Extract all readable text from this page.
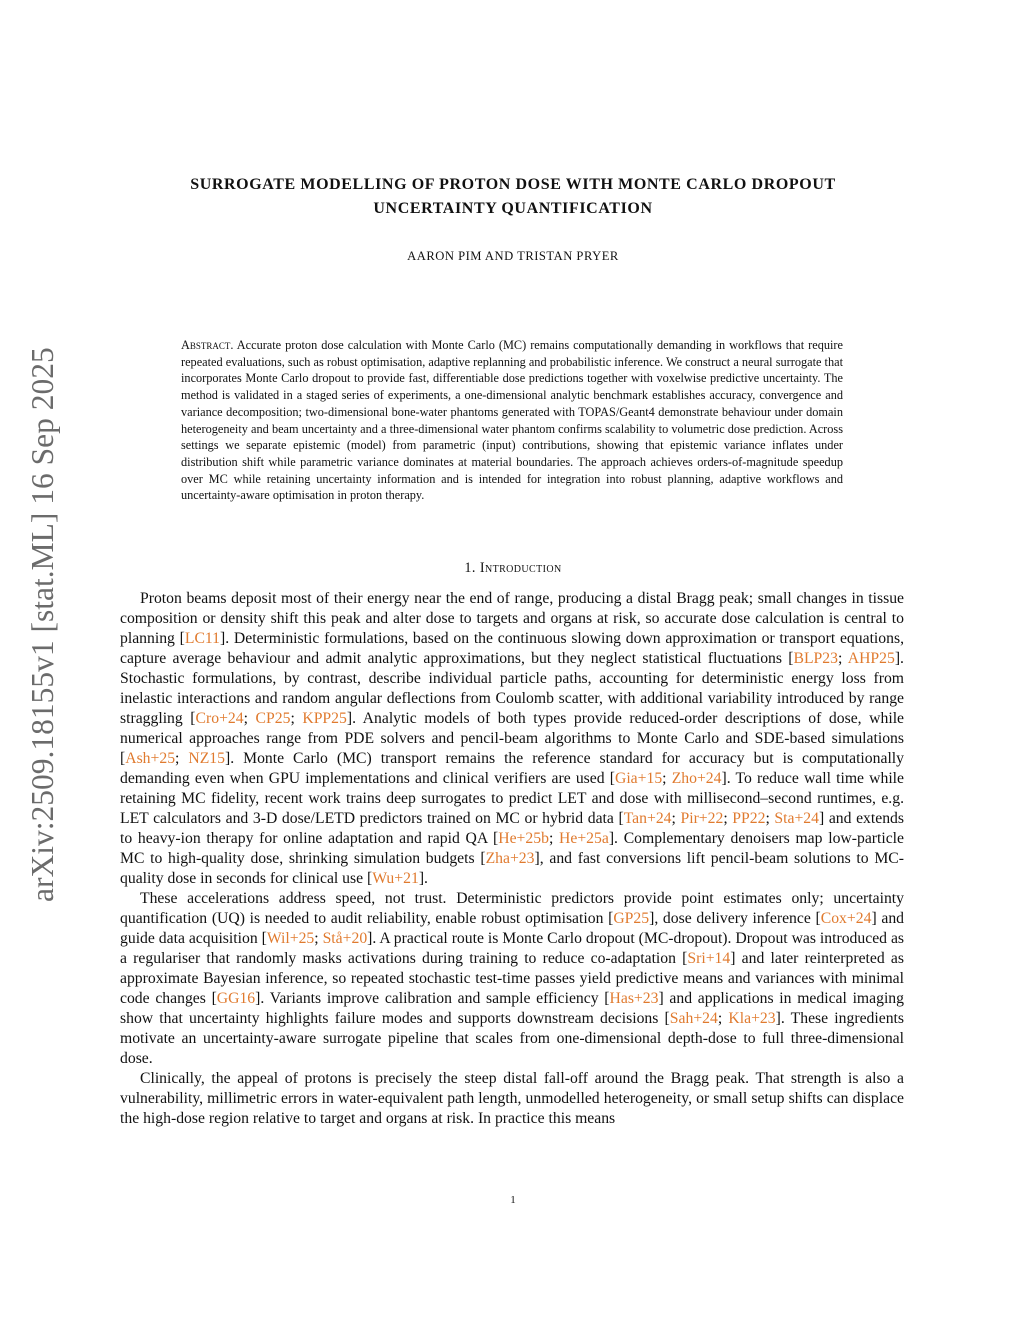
arXiv:2509.18155v1 [stat.ML] 16 Sep 2025
SURROGATE MODELLING OF PROTON DOSE WITH MONTE CARLO DROPOUT
UNCERTAINTY QUANTIFICATION
AARON PIM AND TRISTAN PRYER
Abstract. Accurate proton dose calculation with Monte Carlo (MC) remains computationally demanding in workflows that require repeated evaluations, such as robust optimisation, adaptive replanning and probabilistic inference. We construct a neural surrogate that incorporates Monte Carlo dropout to provide fast, differentiable dose predictions together with voxelwise predictive uncertainty. The method is validated in a staged series of experiments, a one-dimensional analytic benchmark establishes accuracy, convergence and variance decomposition; two-dimensional bone-water phantoms generated with TOPAS/Geant4 demonstrate behaviour under domain heterogeneity and beam uncertainty and a three-dimensional water phantom confirms scalability to volumetric dose prediction. Across settings we separate epistemic (model) from parametric (input) contributions, showing that epistemic variance inflates under distribution shift while parametric variance dominates at material boundaries. The approach achieves orders-of-magnitude speedup over MC while retaining uncertainty information and is intended for integration into robust planning, adaptive workflows and uncertainty-aware optimisation in proton therapy.
1. Introduction

Proton beams deposit most of their energy near the end of range, producing a distal Bragg peak; small changes in tissue composition or density shift this peak and alter dose to targets and organs at risk, so accurate dose calculation is central to planning [LC11]. Deterministic formulations, based on the continuous slowing down approximation or transport equations, capture average behaviour and admit analytic approximations, but they neglect statistical fluctuations [BLP23; AHP25]. Stochastic formulations, by contrast, describe individual particle paths, accounting for deterministic energy loss from inelastic interactions and random angular deflections from Coulomb scatter, with additional variability introduced by range straggling [Cro+24; CP25; KPP25]. Analytic models of both types provide reduced-order descriptions of dose, while numerical approaches range from PDE solvers and pencil-beam algorithms to Monte Carlo and SDE-based simulations [Ash+25; NZ15]. Monte Carlo (MC) transport remains the reference standard for accuracy but is computationally demanding even when GPU implementations and clinical verifiers are used [Gia+15; Zho+24]. To reduce wall time while retaining MC fidelity, recent work trains deep surrogates to predict LET and dose with millisecond–second runtimes, e.g. LET calculators and 3-D dose/LETD predictors trained on MC or hybrid data [Tan+24; Pir+22; PP22; Sta+24] and extends to heavy-ion therapy for online adaptation and rapid QA [He+25b; He+25a]. Complementary denoisers map low-particle MC to high-quality dose, shrinking simulation budgets [Zha+23], and fast conversions lift pencil-beam solutions to MC-quality dose in seconds for clinical use [Wu+21].

These accelerations address speed, not trust. Deterministic predictors provide point estimates only; uncertainty quantification (UQ) is needed to audit reliability, enable robust optimisation [GP25], dose delivery inference [Cox+24] and guide data acquisition [Wil+25; Stå+20]. A practical route is Monte Carlo dropout (MC-dropout). Dropout was introduced as a regulariser that randomly masks activations during training to reduce co-adaptation [Sri+14] and later reinterpreted as approximate Bayesian inference, so repeated stochastic test-time passes yield predictive means and variances with minimal code changes [GG16]. Variants improve calibration and sample efficiency [Has+23] and applications in medical imaging show that uncertainty highlights failure modes and supports downstream decisions [Sah+24; Kla+23]. These ingredients motivate an uncertainty-aware surrogate pipeline that scales from one-dimensional depth-dose to full three-dimensional dose.

Clinically, the appeal of protons is precisely the steep distal fall-off around the Bragg peak. That strength is also a vulnerability, millimetric errors in water-equivalent path length, unmodelled heterogeneity, or small setup shifts can displace the high-dose region relative to target and organs at risk. In practice this means

1
